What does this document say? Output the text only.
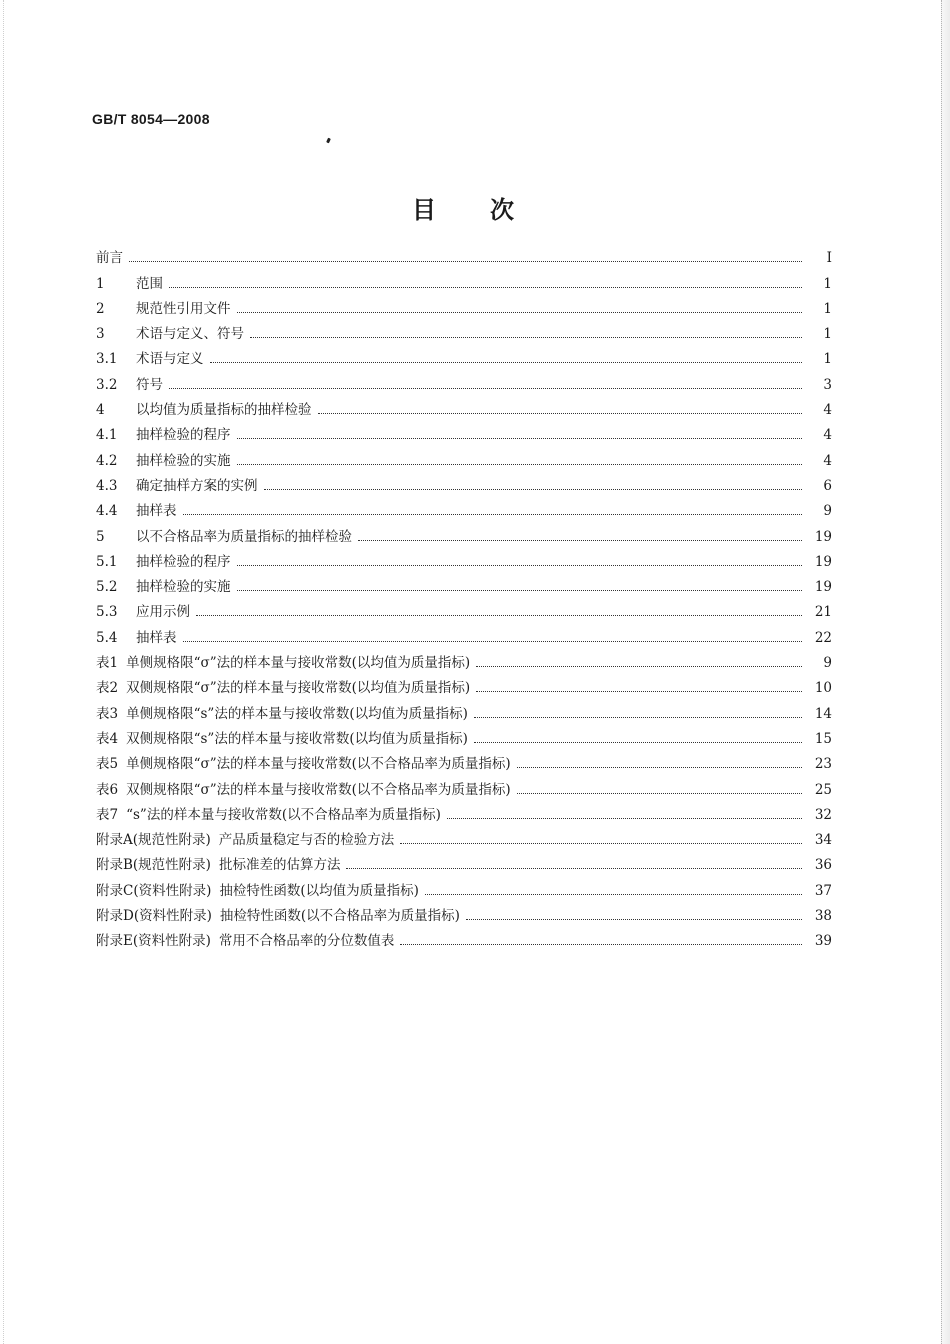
GB/T 8054—2008
目次
前言	Ⅰ
1	范围	1
2	规范性引用文件	1
3	术语与定义、符号	1
3.1	术语与定义	1
3.2	符号	3
4	以均值为质量指标的抽样检验	4
4.1	抽样检验的程序	4
4.2	抽样检验的实施	4
4.3	确定抽样方案的实例	6
4.4	抽样表	9
5	以不合格品率为质量指标的抽样检验	19
5.1	抽样检验的程序	19
5.2	抽样检验的实施	19
5.3	应用示例	21
5.4	抽样表	22
表1 单侧规格限“σ”法的样本量与接收常数(以均值为质量指标)	9
表2 双侧规格限“σ”法的样本量与接收常数(以均值为质量指标)	10
表3 单侧规格限“s”法的样本量与接收常数(以均值为质量指标)	14
表4 双侧规格限“s”法的样本量与接收常数(以均值为质量指标)	15
表5 单侧规格限“σ”法的样本量与接收常数(以不合格品率为质量指标)	23
表6 双侧规格限“σ”法的样本量与接收常数(以不合格品率为质量指标)	25
表7 “s”法的样本量与接收常数(以不合格品率为质量指标)	32
附录A(规范性附录) 产品质量稳定与否的检验方法	34
附录B(规范性附录) 批标准差的估算方法	36
附录C(资料性附录) 抽检特性函数(以均值为质量指标)	37
附录D(资料性附录) 抽检特性函数(以不合格品率为质量指标)	38
附录E(资料性附录) 常用不合格品率的分位数值表	39
